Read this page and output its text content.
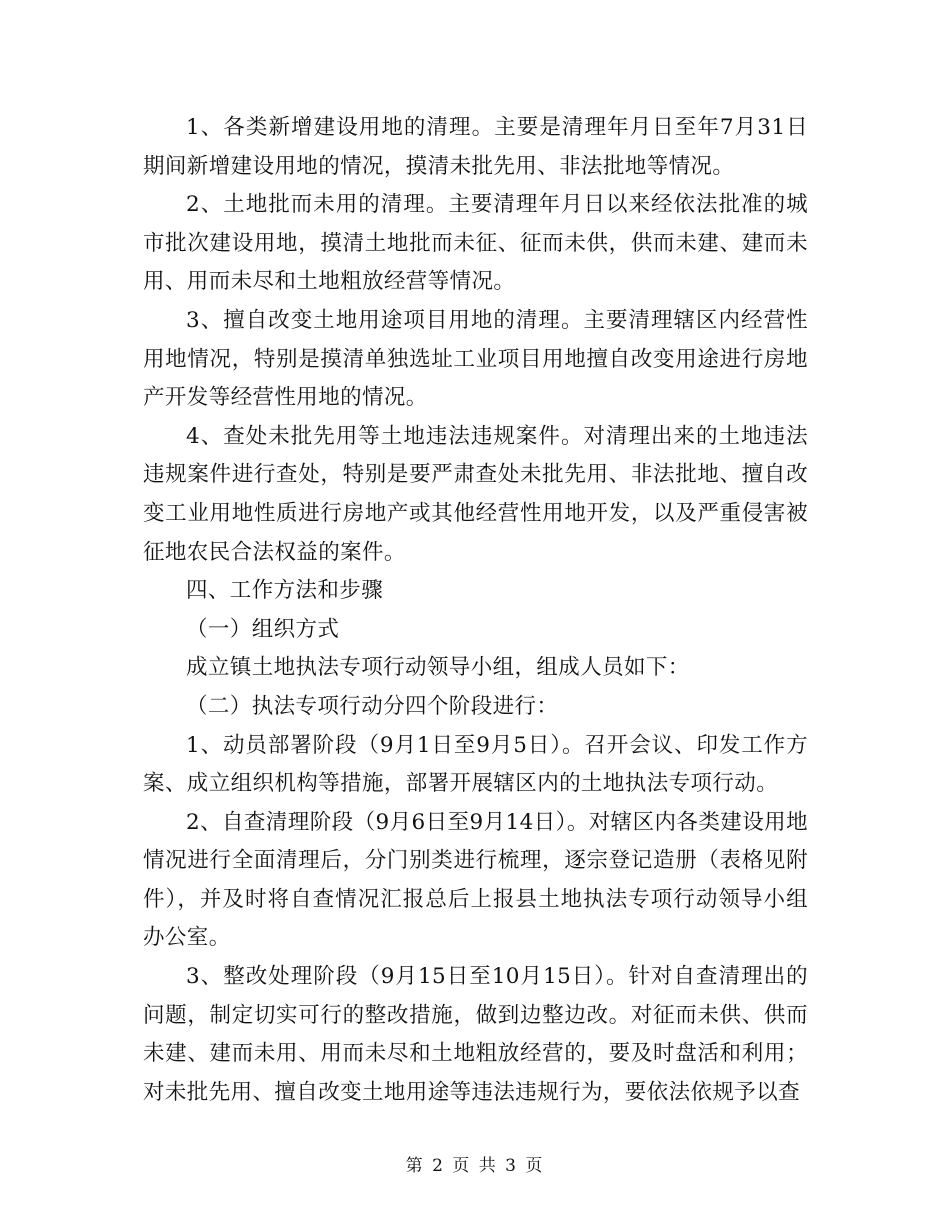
1、各类新增建设用地的清理。主要是清理年月日至年7月31日期间新增建设用地的情况，摸清未批先用、非法批地等情况。

2、土地批而未用的清理。主要清理年月日以来经依法批准的城市批次建设用地，摸清土地批而未征、征而未供，供而未建、建而未用、用而未尽和土地粗放经营等情况。

3、擅自改变土地用途项目用地的清理。主要清理辖区内经营性用地情况，特别是摸清单独选址工业项目用地擅自改变用途进行房地产开发等经营性用地的情况。

4、查处未批先用等土地违法违规案件。对清理出来的土地违法违规案件进行查处，特别是要严肃查处未批先用、非法批地、擅自改变工业用地性质进行房地产或其他经营性用地开发，以及严重侵害被征地农民合法权益的案件。

四、工作方法和步骤

（一）组织方式

成立镇土地执法专项行动领导小组，组成人员如下：

（二）执法专项行动分四个阶段进行：

1、动员部署阶段（9月1日至9月5日）。召开会议、印发工作方案、成立组织机构等措施，部署开展辖区内的土地执法专项行动。

2、自查清理阶段（9月6日至9月14日）。对辖区内各类建设用地情况进行全面清理后，分门别类进行梳理，逐宗登记造册（表格见附件），并及时将自查情况汇报总后上报县土地执法专项行动领导小组办公室。

3、整改处理阶段（9月15日至10月15日）。针对自查清理出的问题，制定切实可行的整改措施，做到边整边改。对征而未供、供而未建、建而未用、用而未尽和土地粗放经营的，要及时盘活和利用；对未批先用、擅自改变土地用途等违法违规行为，要依法依规予以查

第 2 页 共 3 页
